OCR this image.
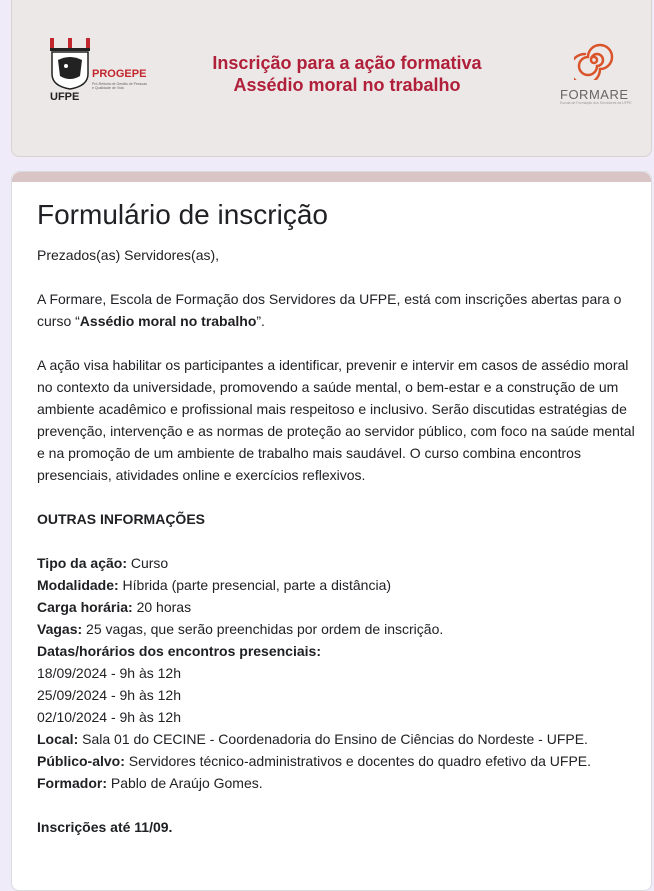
UFPE
PROGEPE
Pró-Reitoria de Gestão de Pessoas e Qualidade de Vida
Inscrição para a ação formativa
Assédio moral no trabalho	FORMARE
Escola de Formação dos Servidores da UFPE
Formulário de inscrição

Prezados(as) Servidores(as),

A Formare, Escola de Formação dos Servidores da UFPE, está com inscrições abertas para o curso “Assédio moral no trabalho”.

A ação visa habilitar os participantes a identificar, prevenir e intervir em casos de assédio moral no contexto da universidade, promovendo a saúde mental, o bem-estar e a construção de um ambiente acadêmico e profissional mais respeitoso e inclusivo. Serão discutidas estratégias de prevenção, intervenção e as normas de proteção ao servidor público, com foco na saúde mental e na promoção de um ambiente de trabalho mais saudável. O curso combina encontros presenciais, atividades online e exercícios reflexivos.

OUTRAS INFORMAÇÕES

Tipo da ação: Curso

Modalidade: Híbrida (parte presencial, parte a distância)

Carga horária: 20 horas

Vagas: 25 vagas, que serão preenchidas por ordem de inscrição.

Datas/horários dos encontros presenciais:

18/09/2024 - 9h às 12h

25/09/2024 - 9h às 12h

02/10/2024 - 9h às 12h

Local: Sala 01 do CECINE - Coordenadoria do Ensino de Ciências do Nordeste - UFPE.

Público-alvo: Servidores técnico-administrativos e docentes do quadro efetivo da UFPE.

Formador: Pablo de Araújo Gomes.

Inscrições até 11/09.
